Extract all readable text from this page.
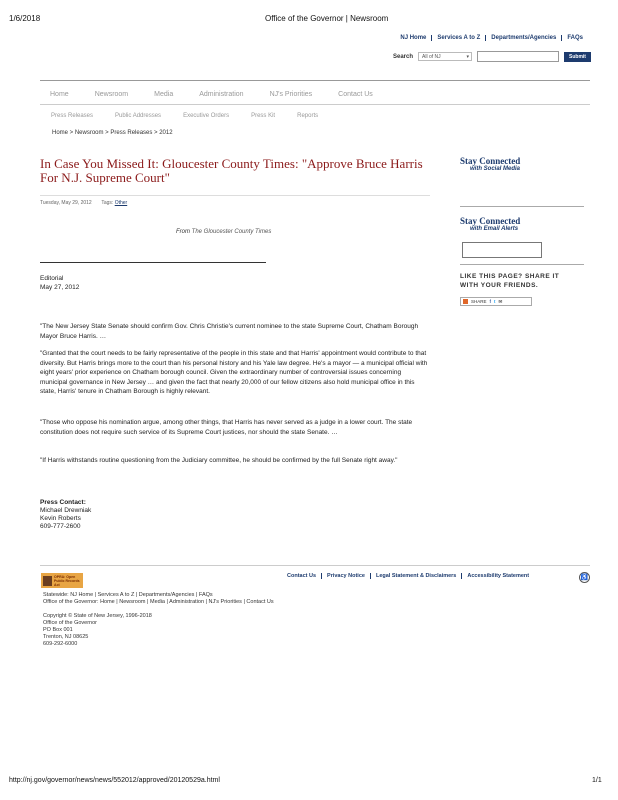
1/6/2018	Office of the Governor | Newsroom
NJ Home	Services A to Z	Departments/Agencies	FAQs
Search All of NJ	▾	Submit
Home	Newsroom	Media	Administration	NJ's Priorities	Contact Us
Press Releases	Public Addresses	Executive Orders	Press Kit	Reports
Home > Newsroom > Press Releases > 2012
In Case You Missed It: Gloucester County Times: "Approve Bruce Harris For N.J. Supreme Court"
Tuesday, May 29, 2012 Tags: Other
From The Gloucester County Times
Editorial
May 27, 2012
"The New Jersey State Senate should confirm Gov. Chris Christie's current nominee to the state Supreme Court, Chatham Borough Mayor Bruce Harris. …
"Granted that the court needs to be fairly representative of the people in this state and that Harris' appointment would contribute to that diversity. But Harris brings more to the court than his personal history and his Yale law degree. He's a mayor — a municipal official with eight years' prior experience on Chatham borough council. Given the extraordinary number of controversial issues concerning municipal governance in New Jersey … and given the fact that nearly 20,000 of our fellow citizens also hold municipal office in this state, Harris' tenure in Chatham Borough is highly relevant.
"Those who oppose his nomination argue, among other things, that Harris has never served as a judge in a lower court. The state constitution does not require such service of its Supreme Court justices, nor should the state Senate. …
"If Harris withstands routine questioning from the Judiciary committee, he should be confirmed by the full Senate right away."
Press Contact:
Michael Drewniak
Kevin Roberts
609-777-2600
Stay Connected
with Social Media
Stay Connected
with Email Alerts
LIKE THIS PAGE? SHARE IT
WITH YOUR FRIENDS.
SHARE f t ✉
OPRA: Open
Public Records Act
Contact Us	Privacy Notice	Legal Statement & Disclaimers	Accessibility Statement	♿
Statewide: NJ Home | Services A to Z | Departments/Agencies | FAQs
Office of the Governor: Home | Newsroom | Media | Administration | NJ's Priorities | Contact Us
Copyright © State of New Jersey, 1996-2018
Office of the Governor
PO Box 001
Trenton, NJ 08625
609-292-6000
http://nj.gov/governor/news/news/552012/approved/20120529a.html	1/1
